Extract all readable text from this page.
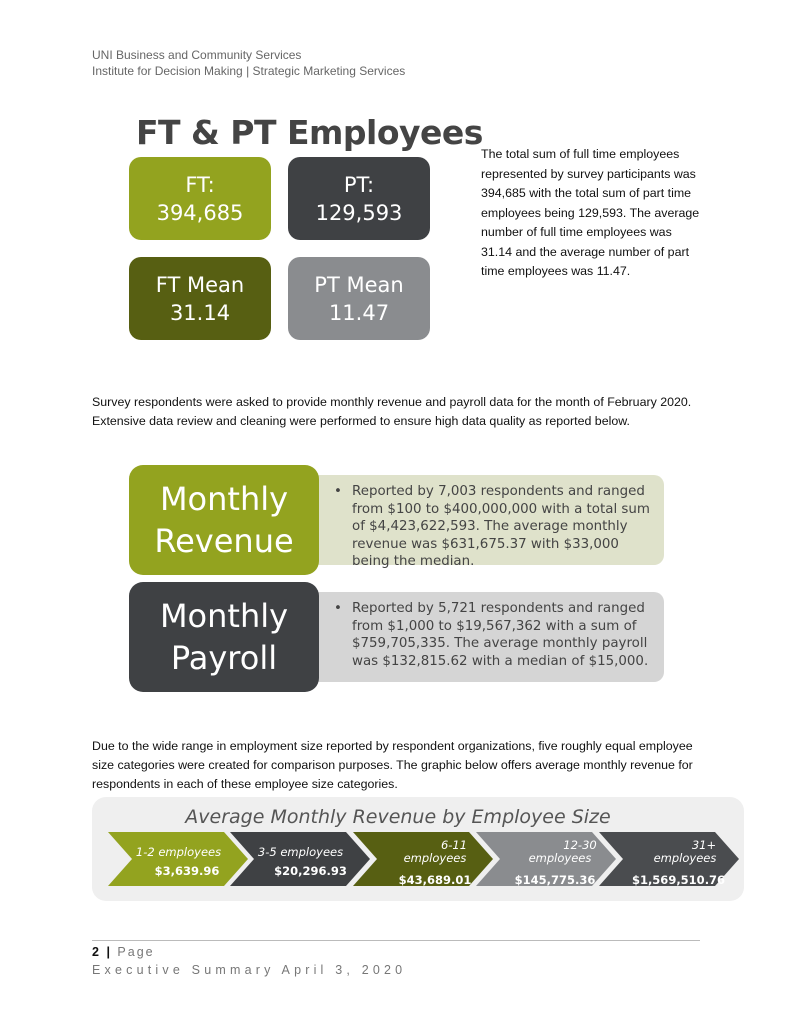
UNI Business and Community Services
Institute for Decision Making | Strategic Marketing Services
FT & PT Employees
FT:
394,685
PT:
129,593
FT Mean
31.14
PT Mean
11.47
The total sum of full time employees represented by survey participants was 394,685 with the total sum of part time employees being 129,593. The average number of full time employees was 31.14 and the average number of part time employees was 11.47.
Survey respondents were asked to provide monthly revenue and payroll data for the month of February 2020. Extensive data review and cleaning were performed to ensure high data quality as reported below.
• Reported by 7,003 respondents and ranged from $100 to $400,000,000 with a total sum of $4,423,622,593. The average monthly revenue was $631,675.37 with $33,000 being the median.
Monthly
Revenue
• Reported by 5,721 respondents and ranged from $1,000 to $19,567,362 with a sum of $759,705,335. The average monthly payroll was $132,815.62 with a median of $15,000.
Monthly
Payroll
Due to the wide range in employment size reported by respondent organizations, five roughly equal employee size categories were created for comparison purposes. The graphic below offers average monthly revenue for respondents in each of these employee size categories.
Average Monthly Revenue by Employee Size
1-2 employees
$3,639.96
3-5 employees
$20,296.93
6-11
employees
$43,689.01
12-30
employees
$145,775.36
31+
employees
$1,569,510.76
2 | Page
Executive Summary April 3, 2020
